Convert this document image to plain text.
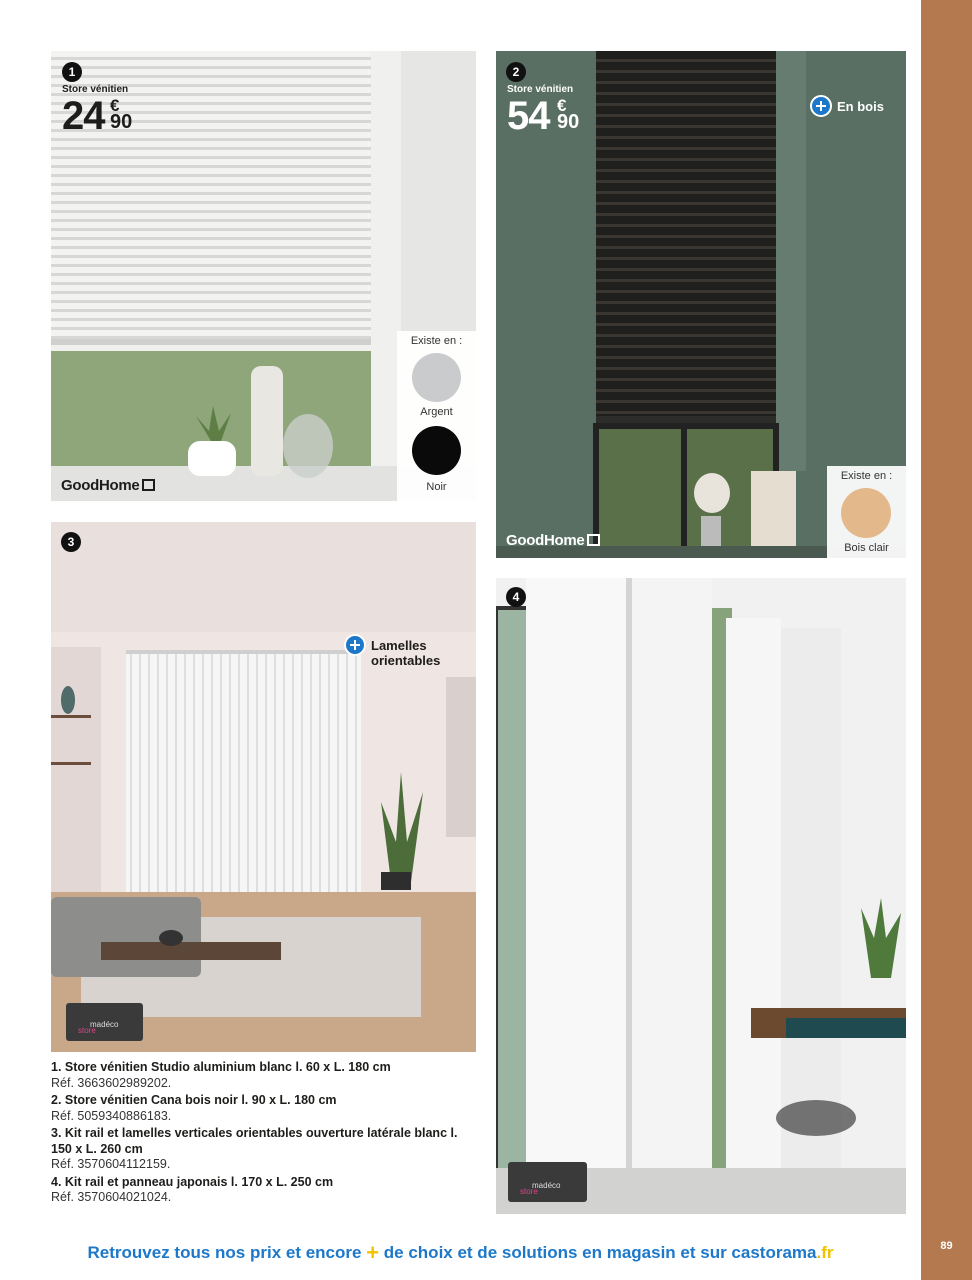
89
1
Store vénitien
24 €
90
GoodHome
Existe en :
Argent
Noir
2
Store vénitien
54 €
90
En bois
GoodHome
Existe en :
Bois clair
3
Lamelles
orientables
madéco
store
4
madéco
store
1. Store vénitien Studio aluminium blanc l. 60 x L. 180 cm
Réf. 3663602989202.
2. Store vénitien Cana bois noir l. 90 x L. 180 cm
Réf. 5059340886183.
3. Kit rail et lamelles verticales orientables ouverture latérale blanc l. 150 x L. 260 cm
Réf. 3570604112159.
4. Kit rail et panneau japonais l. 170 x L. 250 cm
Réf. 3570604021024.
Retrouvez tous nos prix et encore + de choix et de solutions en magasin et sur castorama.fr
